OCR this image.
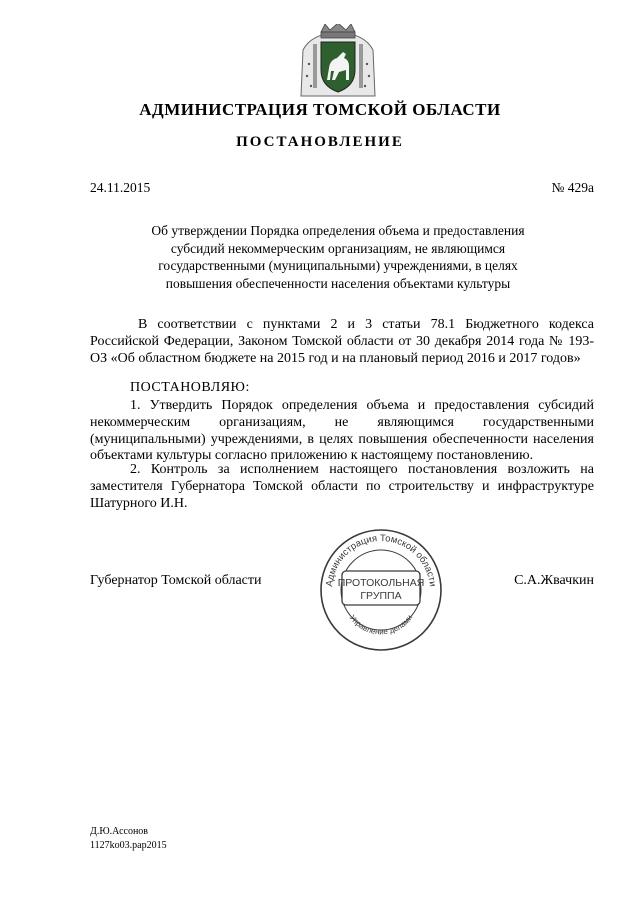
АДМИНИСТРАЦИЯ ТОМСКОЙ ОБЛАСТИ
ПОСТАНОВЛЕНИЕ
24.11.2015	№ 429а
Об утверждении Порядка определения объема и предоставления субсидий некоммерческим организациям, не являющимся государственными (муниципальными) учреждениями, в целях повышения обеспеченности населения объектами культуры
В соответствии с пунктами 2 и 3 статьи 78.1 Бюджетного кодекса Российской Федерации, Законом Томской области от 30 декабря 2014 года № 193-ОЗ «Об областном бюджете на 2015 год и на плановый период 2016 и 2017 годов»
ПОСТАНОВЛЯЮ:
1. Утвердить Порядок определения объема и предоставления субсидий некоммерческим организациям, не являющимся государственными (муниципальными) учреждениями, в целях повышения обеспеченности населения объектами культуры согласно приложению к настоящему постановлению.
2. Контроль за исполнением настоящего постановления возложить на заместителя Губернатора Томской области по строительству и инфраструктуре Шатурного И.Н.
Губернатор Томской области	С.А.Жвачкин
Администрация Томской области
Управление делами
ПРОТОКОЛЬНАЯ
ГРУППА
Д.Ю.Ассонов
1127ko03.рар2015
